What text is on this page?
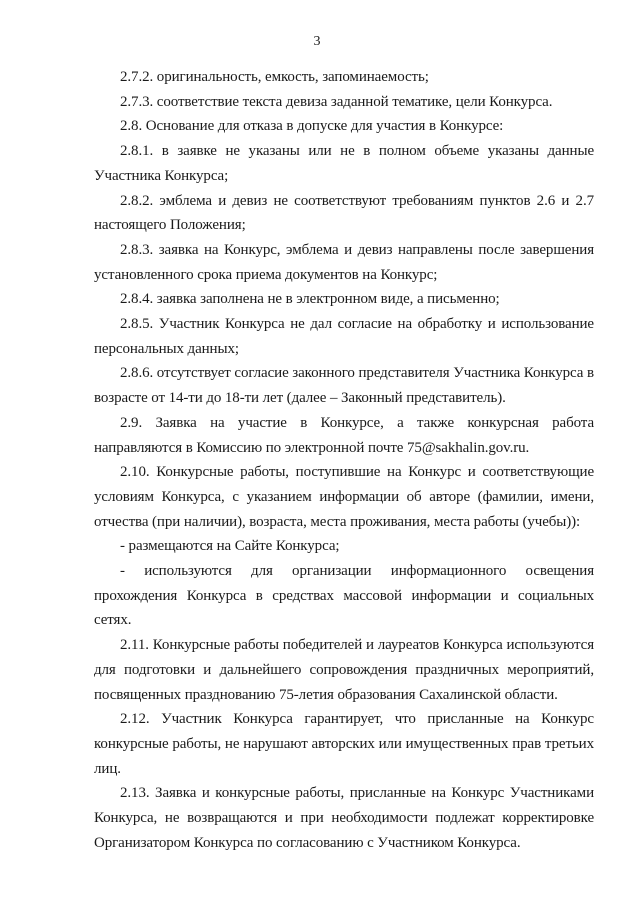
3

2.7.2. оригинальность, емкость, запоминаемость;

2.7.3. соответствие текста девиза заданной тематике, цели Конкурса.

2.8. Основание для отказа в допуске для участия в Конкурсе:

2.8.1. в заявке не указаны или не в полном объеме указаны данные Участника Конкурса;

2.8.2. эмблема и девиз не соответствуют требованиям пунктов 2.6 и 2.7 настоящего Положения;

2.8.3. заявка на Конкурс, эмблема и девиз направлены после завершения установленного срока приема документов на Конкурс;

2.8.4. заявка заполнена не в электронном виде, а письменно;

2.8.5. Участник Конкурса не дал согласие на обработку и использование персональных данных;

2.8.6. отсутствует согласие законного представителя Участника Конкурса в возрасте от 14-ти до 18-ти лет (далее – Законный представитель).

2.9. Заявка на участие в Конкурсе, а также конкурсная работа направляются в Комиссию по электронной почте 75@sakhalin.gov.ru.

2.10. Конкурсные работы, поступившие на Конкурс и соответствующие условиям Конкурса, с указанием информации об авторе (фамилии, имени, отчества (при наличии), возраста, места проживания, места работы (учебы)):

- размещаются на Сайте Конкурса;

- используются для организации информационного освещения прохождения Конкурса в средствах массовой информации и социальных сетях.

2.11. Конкурсные работы победителей и лауреатов Конкурса используются для подготовки и дальнейшего сопровождения праздничных мероприятий, посвященных празднованию 75-летия образования Сахалинской области.

2.12. Участник Конкурса гарантирует, что присланные на Конкурс конкурсные работы, не нарушают авторских или имущественных прав третьих лиц.

2.13. Заявка и конкурсные работы, присланные на Конкурс Участниками Конкурса, не возвращаются и при необходимости подлежат корректировке Организатором Конкурса по согласованию с Участником Конкурса.
